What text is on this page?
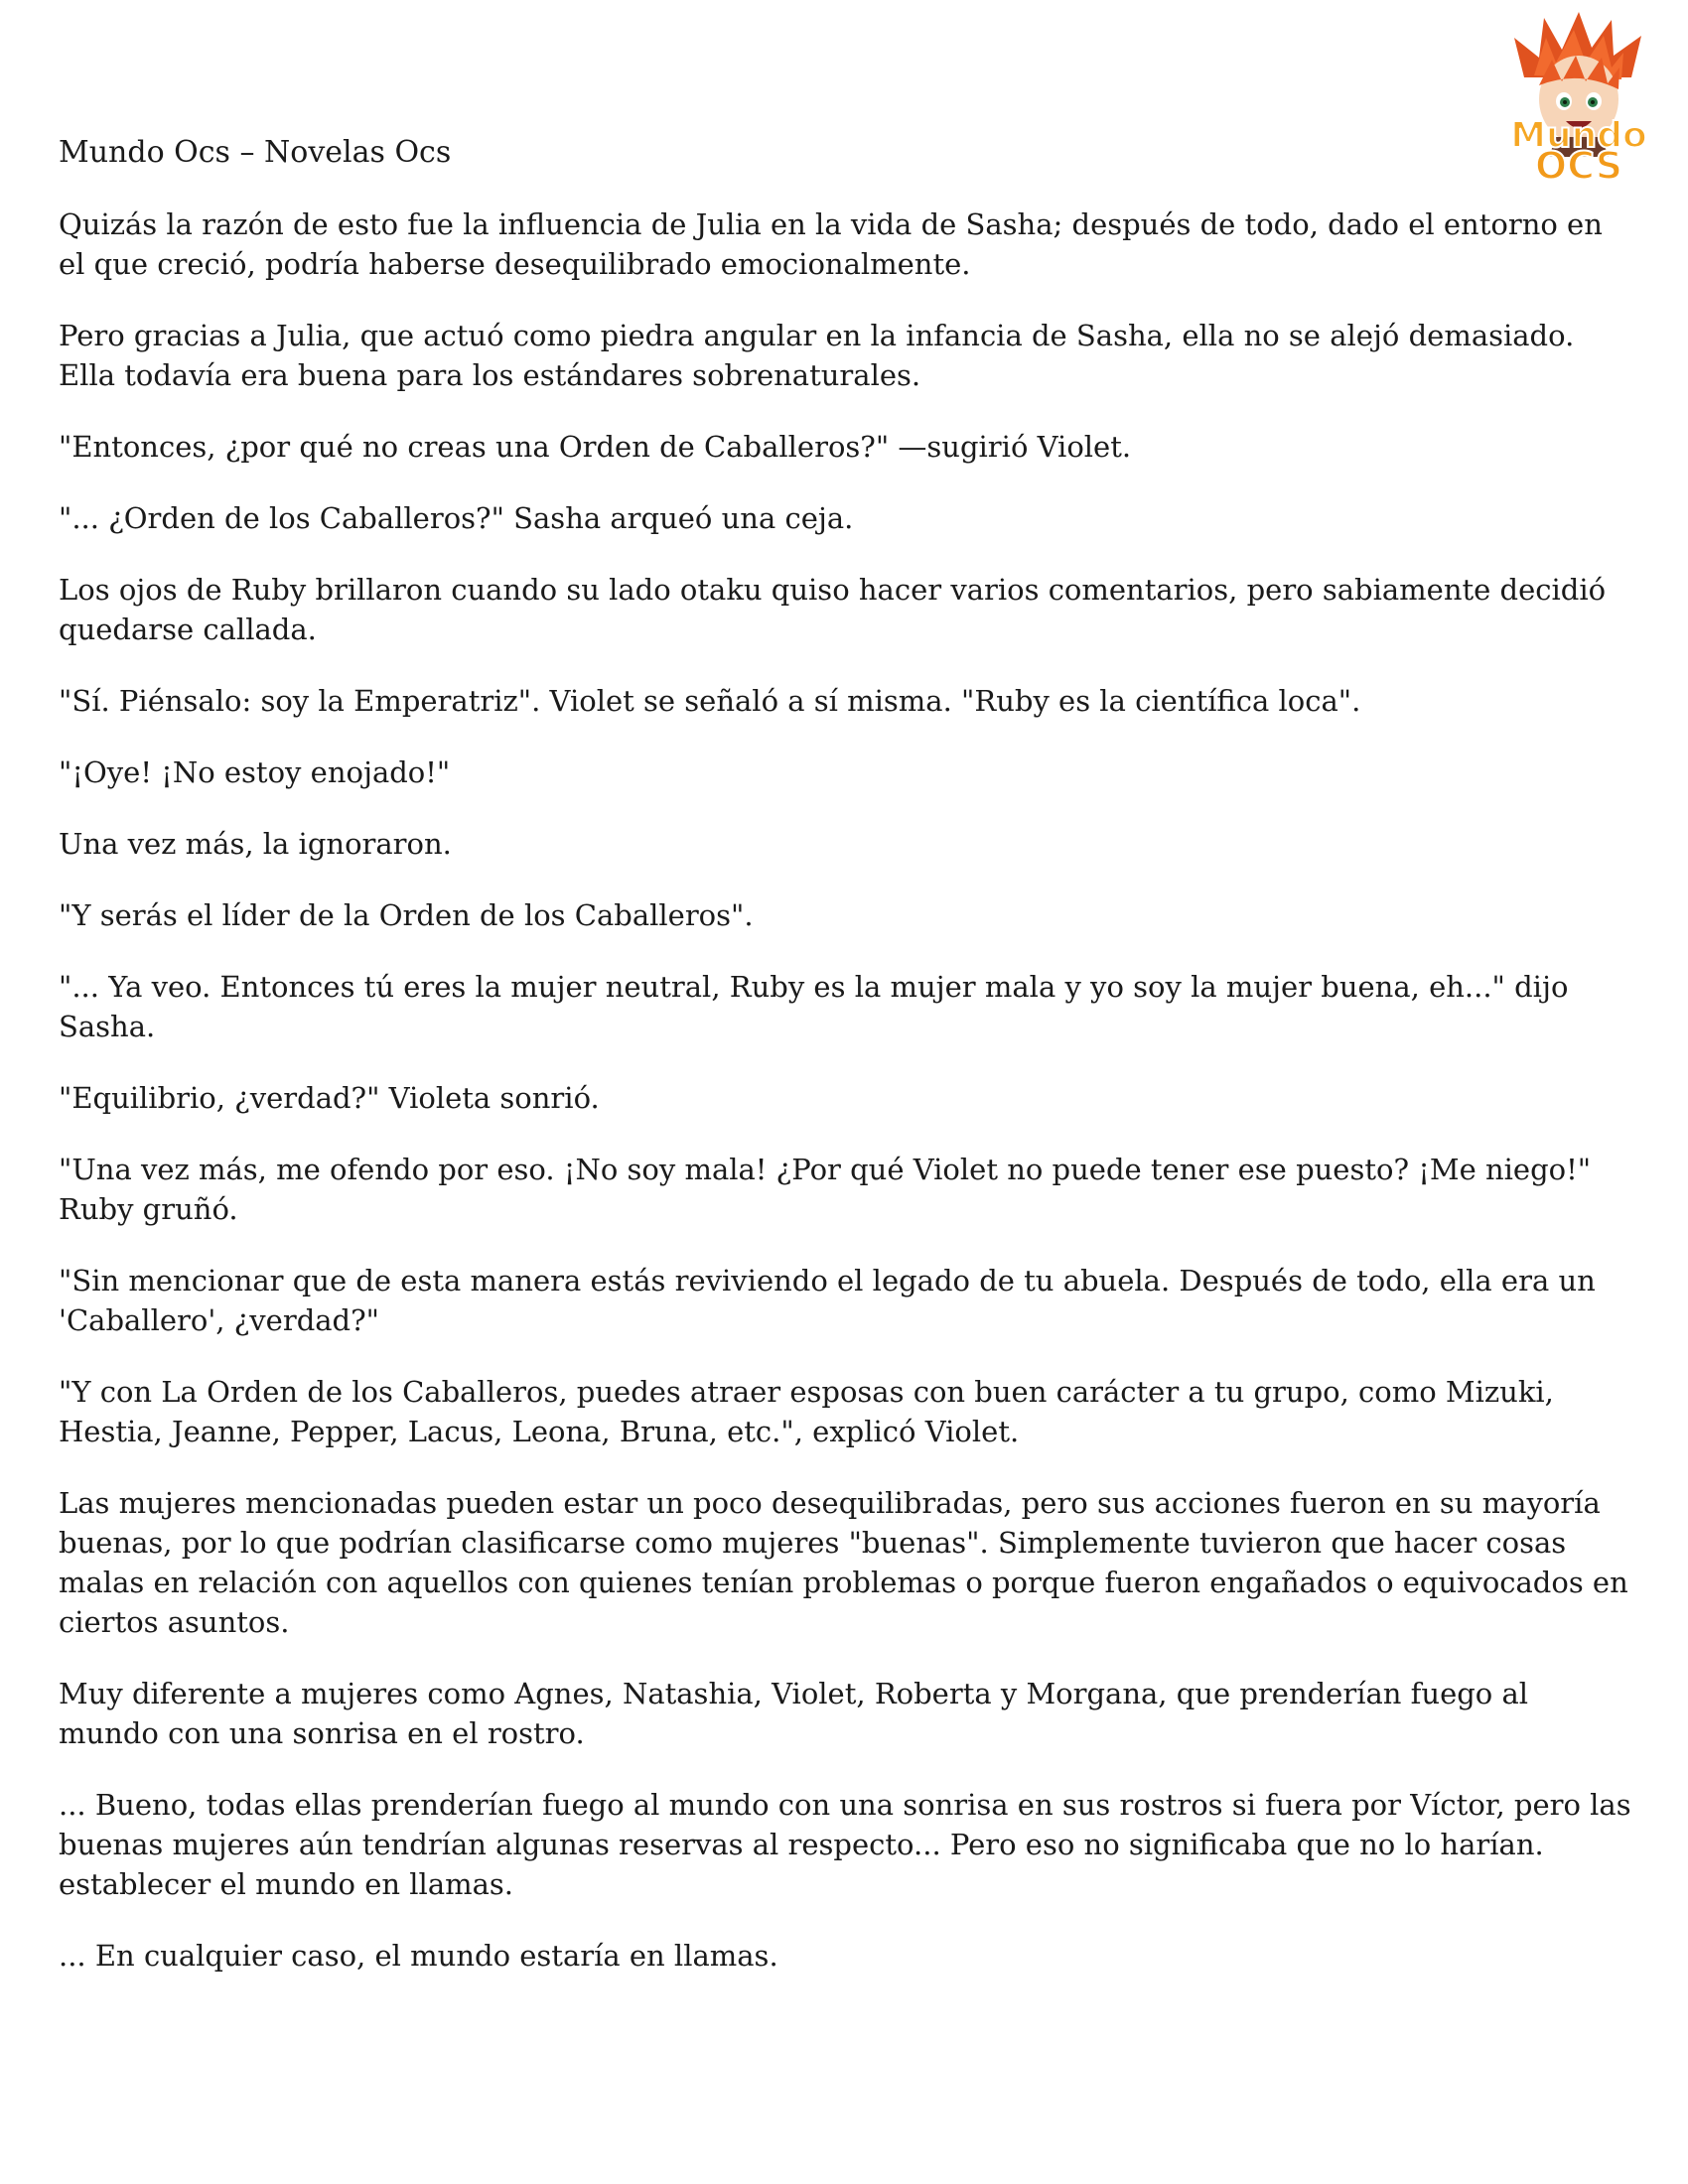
Mundo Ocs – Novelas Ocs	Mundo
OCS

Quizás la razón de esto fue la influencia de Julia en la vida de Sasha; después de todo, dado el entorno en el que creció, podría haberse desequilibrado emocionalmente.

Pero gracias a Julia, que actuó como piedra angular en la infancia de Sasha, ella no se alejó demasiado. Ella todavía era buena para los estándares sobrenaturales.

"Entonces, ¿por qué no creas una Orden de Caballeros?" —sugirió Violet.

"... ¿Orden de los Caballeros?" Sasha arqueó una ceja.

Los ojos de Ruby brillaron cuando su lado otaku quiso hacer varios comentarios, pero sabiamente decidió quedarse callada.

"Sí. Piénsalo: soy la Emperatriz". Violet se señaló a sí misma. "Ruby es la científica loca".

"¡Oye! ¡No estoy enojado!"

Una vez más, la ignoraron.

"Y serás el líder de la Orden de los Caballeros".

"... Ya veo. Entonces tú eres la mujer neutral, Ruby es la mujer mala y yo soy la mujer buena, eh..." dijo Sasha.

"Equilibrio, ¿verdad?" Violeta sonrió.

"Una vez más, me ofendo por eso. ¡No soy mala! ¿Por qué Violet no puede tener ese puesto? ¡Me niego!" Ruby gruñó.

"Sin mencionar que de esta manera estás reviviendo el legado de tu abuela. Después de todo, ella era un 'Caballero', ¿verdad?"

"Y con La Orden de los Caballeros, puedes atraer esposas con buen carácter a tu grupo, como Mizuki, Hestia, Jeanne, Pepper, Lacus, Leona, Bruna, etc.", explicó Violet.

Las mujeres mencionadas pueden estar un poco desequilibradas, pero sus acciones fueron en su mayoría buenas, por lo que podrían clasificarse como mujeres "buenas". Simplemente tuvieron que hacer cosas malas en relación con aquellos con quienes tenían problemas o porque fueron engañados o equivocados en ciertos asuntos.

Muy diferente a mujeres como Agnes, Natashia, Violet, Roberta y Morgana, que prenderían fuego al mundo con una sonrisa en el rostro.

... Bueno, todas ellas prenderían fuego al mundo con una sonrisa en sus rostros si fuera por Víctor, pero las buenas mujeres aún tendrían algunas reservas al respecto... Pero eso no significaba que no lo harían. establecer el mundo en llamas.

... En cualquier caso, el mundo estaría en llamas.
